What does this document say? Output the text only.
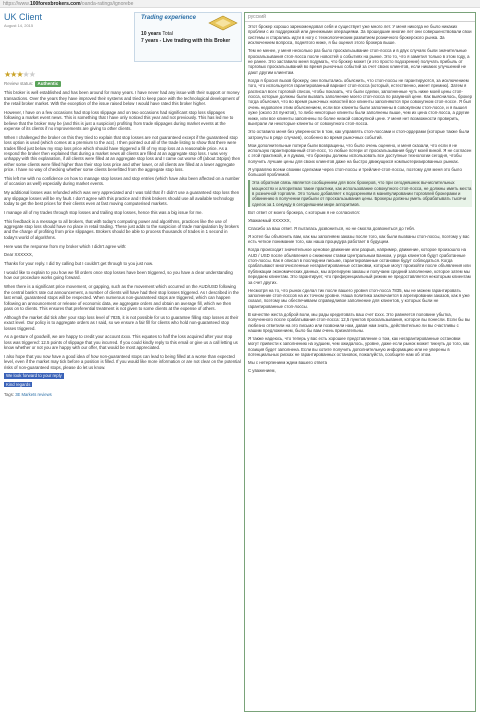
https://www.100forexbrokers.com/oanda-ratings/ignorebe
UK Client
August 14, 2015
Trading experience
10 years Total
7 years - Live trading with this Broker
★★★★★
Review status: Authentic

This broker is well established and has been around for many years. I have never had any issue with their support or money transactions. Over the years they have improved their systems and tried to keep pace with the technological development of the retail broker market. With the exception of the issue raised below I would have rated this broker higher.

However, I have on a few occasions had stop loss slippage and on two occasions had significant stop loss slippages following a market event news. This is something that I have only noticed this year and not previously. This has led me to believe that the broker may be (and this is just a suspicion) profiting from trade slippages during market events at the expense of its clients if no improvements are giving to other clients.

When I challenged the broker on this they tried to explain that stop losses are not guaranteed except if the guaranteed stop loss option is used (which comes at a premium to the acc). I then pointed out all of the trade listing to show that there were trades filled just below my stop loss price which should have triggered a fill of my stop loss at a reasonable price. As a respond the broker then explained that during a market news all clients are filled at an aggregate stop loss. I was very unhappy with this explanation, if all clients were filled at an aggregate stop loss and I came out worse off (about 34pips) then either some clients were filled higher than their stop loss price and other lower, or all clients are filled at a lower aggregate price. I have no way of checking whether some clients benefitted from the aggregate stop loss.

This left me with no confidence on how to manage stop losses and stop entries (which have also been affected on a number of occasion as well) especially during market events.

My additional losses was refunded which was very appreciated and I was told that if I didn't use a guaranteed stop loss then any slippage losses will be my fault. I don't agree with this practice and I think brokers should use all available technology today to get the best prices for their clients even at fast moving computerised markets.

I manage all of my trades through stop losses and trailing stop losses, hence this was a big issue for me.

This feedback is a message to all brokers, that with today's computing power and algorithms, practices like the use of aggregate stop loss should have no place in retail trading. These just adds to the suspicion of trade manipulation by brokers and the charge of profiting from price slippages. Brokers should be able to process thousands of trades in 1 second in today's world of algorithms.

Here was the response from my broker which I didn't agree with:

Dear XXXXXX,

Thanks for your reply. I did try calling but I couldn't get through to you just now.

I would like to explain to you how we fill orders once stop losses have been triggered, so you have a clear understanding how our procedure works going forward.

When there is a significant price movement, or gapping, such as the movement which occurred on the AUD/USD following the central bank's rate cut announcement, a number of clients will have had their stop losses triggered. As I described in the last email, guaranteed stops will be respected. When numerous non-guaranteed stops are triggered, which can happen following an announcement or release of economic data, we aggregate orders and obtain an average fill, which we then pass on to clients. This ensures that preferential treatment is not given to some clients at the expense of others.

Although the market did tick after your stop loss level of 7835, it is not possible for us to guarantee filling stop losses at their exact level. Our policy is to aggregate orders as I said, so we ensure a fair fill for clients who hold non-guaranteed stop losses triggered.

As a gesture of goodwill, we are happy to credit your account £xxx. This equates to half the loss acquired after your stop loss was triggered: 12.5 points of slippage that you incurred. If you could kindly reply to this email or give us a call letting us know whether or not you are happy with our offer, that would be most appreciated.

I also hope that you now have a good idea of how non-guaranteed stops can lead to being filled at a worse than expected level, even if the market may tick before a position is filled. If you would like more information or are not clear on the potential risks of non-guaranteed stops, please do let us know.

We look forward to your reply
Kind regards
Tags: 3E Markets reviews
русский

Этот брокер хорошо зарекомендовал себя и существует уже много лет. У меня никогда не было никаких проблем с их поддержкой или денежными операциями. За прошедшие многие лет они совершенствовали свои системы и старались идти в ногу с технологическим развитием розничного брокерского рынка. За исключением вопроса, поднятого ниже, я бы оценил этого брокера выше.

Тем не менее, у меня несколько раз было проскальзывание стоп-лосса и в двух случаях были значительные проскальзывания стоп-лосса после новостей о событиях на рынке. Это то, что я заметил только в этом году, а не ранее. Это заставило меня подумать, что брокер может (и это просто подозрение) получать прибыль от торговых проскальзываний во время рыночных событий за счет своих клиентов, если никаких улучшений не дают другим клиентам.

Когда я бросил вызов брокеру, они попытались объяснить, что стоп-лоссы не гарантируются, за исключением того, что используется гарантированный вариант стоп-лосса (который, естественно, имеет премию). Затем я расписал всех торговой список, чтобы показать, что были сделки, заполненные чуть ниже моей цены стоп-лосса, которые должны были вызвать заполнение моего стоп-лосса по разумной цене. Как выяснилось, брокер тогда объяснил, что во время рыночных новостей все клиенты заполняются при совокупном стоп-лоссе. Я был очень недоволен этим объяснением, если все клиенты были заполнены в совокупном стоп-лоссе, и я вышел хуже (около 24 пунктов), то либо некоторые клиенты были заполнены выше, чем их цена стоп-лосса, а другие ниже, или все клиенты заполнены по более низкой совокупной цене. У меня нет возможности проверить, выиграли ли некоторые клиенты от совокупного стоп-лосса.

Это оставило меня без уверенности в том, как управлять стоп-лоссами и стоп-ордерами (которые также были затронуты в ряде случаев), особенно во время рыночных событий.

Мои дополнительные потери были возвращены, что было очень оценено, и меня сказали, что если я не использую гарантированный стоп-лосс, то любые потери от проскальзывания будут моей виной. Я не согласен с этой практикой, и я думаю, что брокеры должны использовать все доступные технологии сегодня, чтобы получить лучшие цены для своих клиентов даже на быстро движущихся компьютеризированных рынках.

Я управляю всеми своими сделками через стоп-лоссы и трейлинг-стоп-лоссы, поэтому для меня это было большой проблемой.

Эта обратная связь является сообщением для всех брокеров, что при сегодняшних вычислительных мощностях и алгоритмах такие практики, как использование совокупного стоп-лосса, не должны иметь места в розничной торговле. Это только добавляет к подозрениям в манипулировании торговлей брокерами и обвинению в получении прибыли от проскальзывания цены. Брокеры должны уметь обрабатывать тысячи сделок за 1 секунду в сегодняшнем мире алгоритмов.

Вот ответ от моего брокера, с которым я не согласился:

Уважаемый XXXXXX,

Спасибо за ваш ответ. Я пыталась дозвониться, но не смогла дозвониться до тебя.

Я хотел бы объяснить вам, как мы заполняем заказы после того, как были вызваны стоп-лоссы, поэтому у вас есть четкое понимание того, как наша процедура работает в будущем.

Когда происходит значительное ценовое движение или разрыв, например, движение, которое произошло на AUD / USD после объявления о снижении ставки Центральным Банком, у ряда клиентов будут сработанные стоп-лоссы. Как я описал в последнем письме, гарантированные остановки будут соблюдаться. Когда срабатывают многочисленные негарантированные остановки, которые могут произойти после объявления или публикации экономических данных, мы агрегируем заказы и получаем средний заполнение, которое затем мы передаем клиентам. Это гарантирует, что преференциальный режим не предоставляется некоторым клиентам за счет других.

Несмотря на то, что рынок сделал тик после вашего уровня стоп-лосса 7835, мы не можем гарантировать заполнение стоп-лоссов на их точном уровне. Наша политика заключается в агрегировании заказов, как я уже сказал, поэтому мы обеспечиваем справедливое заполнение для клиентов, у которых были не гарантированные стоп-лоссы.

В качестве жеста доброй воли, мы рады кредитовать ваш счет £xxx. Это равняется половине убытка, полученного после срабатывания стоп-лосса: 12,5 пунктов проскальзывания, которое вы понесли. Если бы вы любезно ответили на это письмо или позвонили нам, давая нам знать, действительно ли вы счастливы с нашим предложением, было бы вам очень признательны.

Я также надеюсь, что теперь у вас есть хорошее представление о том, как негарантированные остановки могут привести к заполнению на худшем, чем ожидалось, уровне, даже если рынок может тикнуть до того, как позиция будет заполнена. Если вы хотите получить дополнительную информацию или не уверены в потенциальных рисках не гарантированных остановок, пожалуйста, сообщите нам об этом.

Мы с нетерпением ждем вашего ответа

С уважением,
